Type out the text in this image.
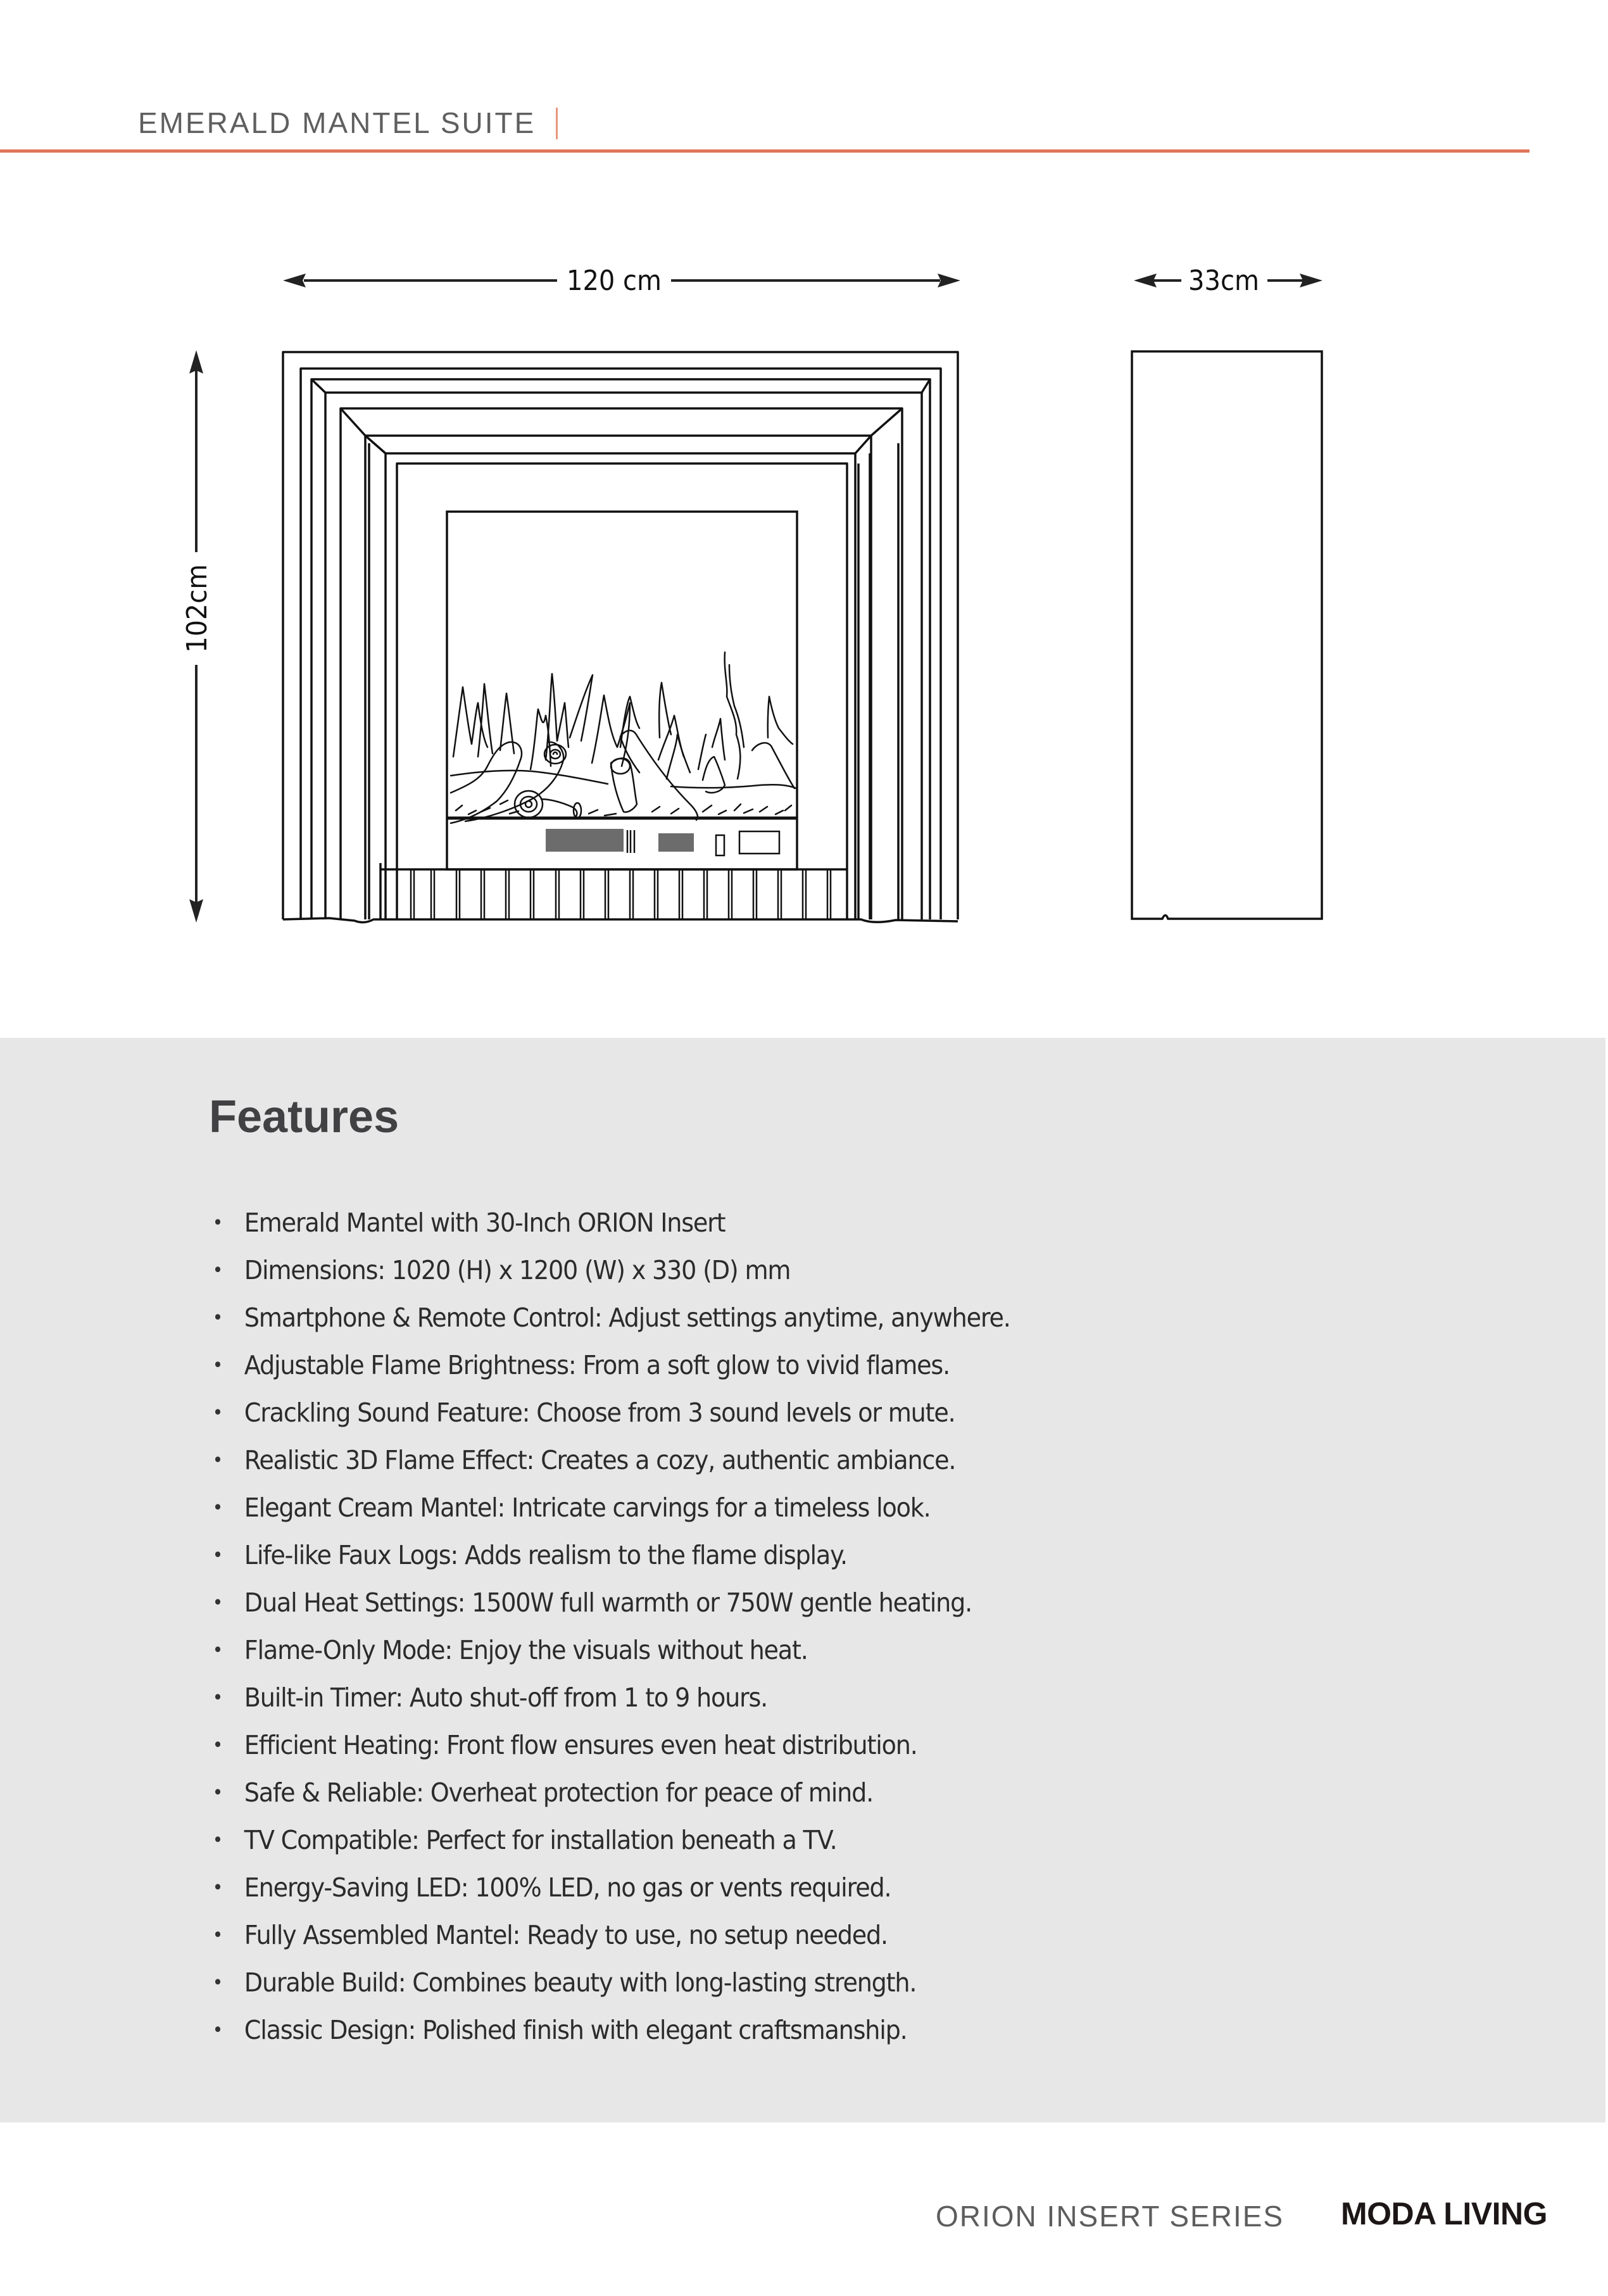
EMERALD MANTEL SUITE
120 cm	33cm
102cm
Features
• Emerald Mantel with 30-Inch ORION Insert
• Dimensions: 1020 (H) x 1200 (W) x 330 (D) mm
• Smartphone & Remote Control: Adjust settings anytime, anywhere.
• Adjustable Flame Brightness: From a soft glow to vivid flames.
• Crackling Sound Feature: Choose from 3 sound levels or mute.
• Realistic 3D Flame Effect: Creates a cozy, authentic ambiance.
• Elegant Cream Mantel: Intricate carvings for a timeless look.
• Life-like Faux Logs: Adds realism to the flame display.
• Dual Heat Settings: 1500W full warmth or 750W gentle heating.
• Flame-Only Mode: Enjoy the visuals without heat.
• Built-in Timer: Auto shut-off from 1 to 9 hours.
• Efficient Heating: Front flow ensures even heat distribution.
• Safe & Reliable: Overheat protection for peace of mind.
• TV Compatible: Perfect for installation beneath a TV.
• Energy-Saving LED: 100% LED, no gas or vents required.
• Fully Assembled Mantel: Ready to use, no setup needed.
• Durable Build: Combines beauty with long-lasting strength.
• Classic Design: Polished finish with elegant craftsmanship.
ORION INSERT SERIES MODA LIVING
